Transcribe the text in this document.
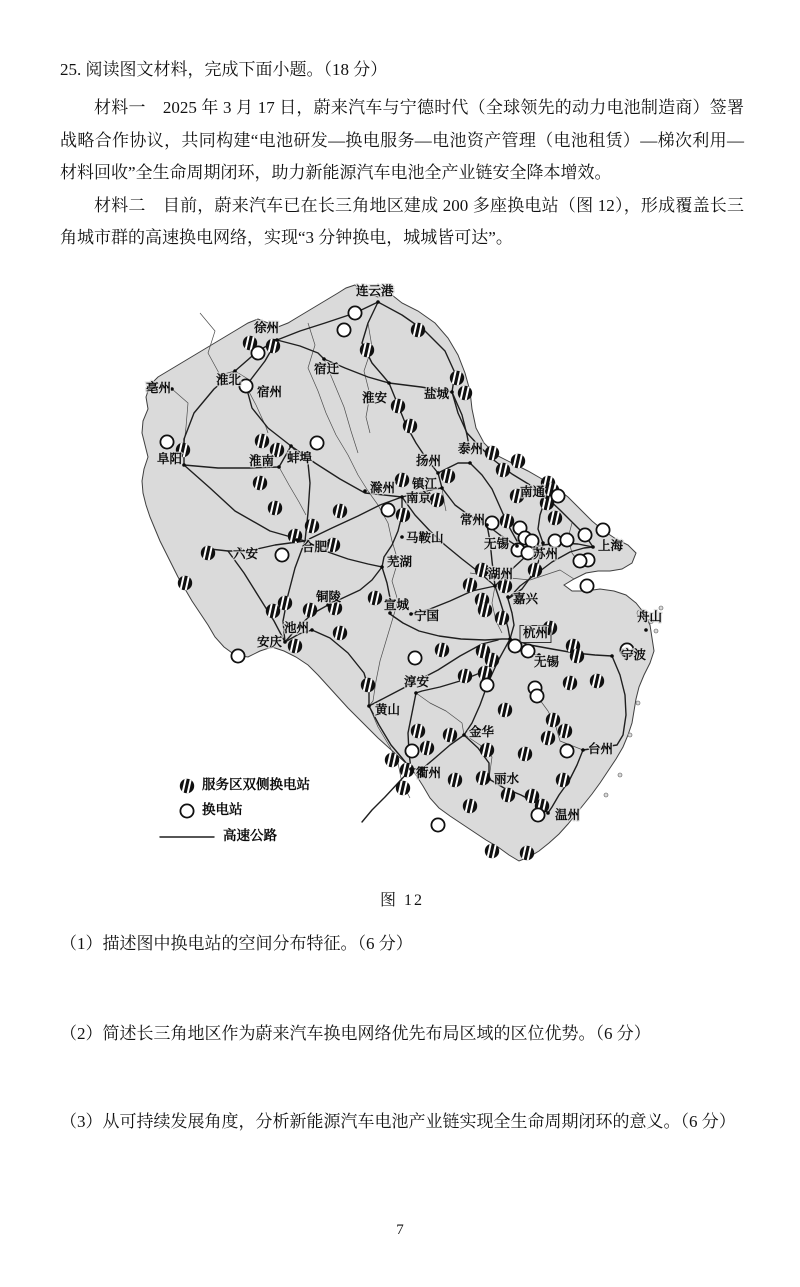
25. 阅读图文材料，完成下面小题。（18 分）

材料一　2025 年 3 月 17 日，蔚来汽车与宁德时代（全球领先的动力电池制造商）签署战略合作协议，共同构建“电池研发—换电服务—电池资产管理（电池租赁）—梯次利用—材料回收”全生命周期闭环，助力新能源汽车电池全产业链安全降本增效。

材料二　目前，蔚来汽车已在长三角地区建成 200 多座换电站（图 12），形成覆盖长三角城市群的高速换电网络，实现“3 分钟换电，城城皆可达”。

连云港
徐州
宿迁
亳州
淮北
宿州	淮安	盐城
阜阳	淮南 蚌埠
泰州
扬州
镇江
南京
滁州	南通
常州
无锡
苏州
上海
马鞍山
芜湖
六安	合肥
湖州
嘉兴
铜陵
宣城
宁国
池州
安庆
杭州
无锡
舟山
宁波
淳安
黄山
金华
台州
衢州	丽水
温州
服务区双侧换电站
换电站
高速公路
图 12

（1）描述图中换电站的空间分布特征。（6 分）

（2）简述长三角地区作为蔚来汽车换电网络优先布局区域的区位优势。（6 分）

（3）从可持续发展角度，分析新能源汽车电池产业链实现全生命周期闭环的意义。（6 分）

7
